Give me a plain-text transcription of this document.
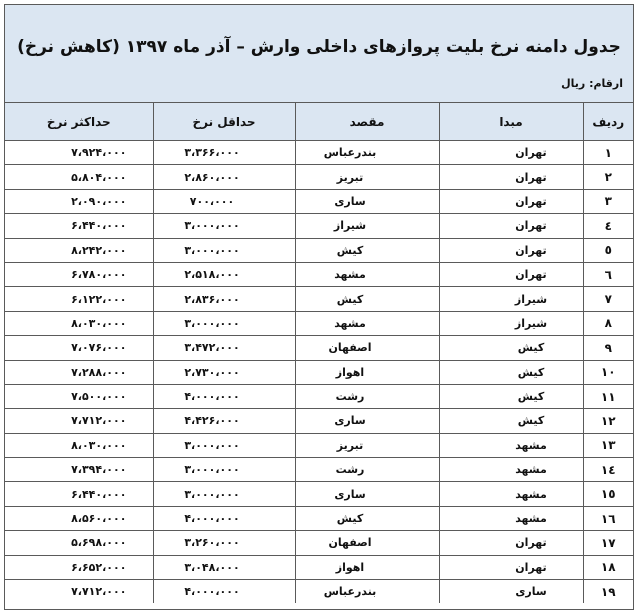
جدول دامنه نرخ بلیت پروازهای داخلی وارش – آذر ماه ۱۳۹۷ (کاهش نرخ)
ارقام: ریال
ردیف	مبدا	مقصد	حداقل نرخ	حداکثر نرخ
۱	تهران	بندرعباس	۳،۳۶۶،۰۰۰	۷،۹۲۴،۰۰۰
۲	تهران	تبریز	۲،۸۶۰،۰۰۰	۵،۸۰۴،۰۰۰
۳	تهران	ساری	۷۰۰،۰۰۰	۲،۰۹۰،۰۰۰
٤	تهران	شیراز	۳،۰۰۰،۰۰۰	۶،۴۴۰،۰۰۰
٥	تهران	کیش	۳،۰۰۰،۰۰۰	۸،۲۴۲،۰۰۰
٦	تهران	مشهد	۲،۵۱۸،۰۰۰	۶،۷۸۰،۰۰۰
۷	شیراز	کیش	۲،۸۳۶،۰۰۰	۶،۱۲۲،۰۰۰
۸	شیراز	مشهد	۳،۰۰۰،۰۰۰	۸،۰۳۰،۰۰۰
۹	کیش	اصفهان	۳،۴۷۲،۰۰۰	۷،۰۷۶،۰۰۰
۱۰	کیش	اهواز	۲،۷۳۰،۰۰۰	۷،۲۸۸،۰۰۰
۱۱	کیش	رشت	۴،۰۰۰،۰۰۰	۷،۵۰۰،۰۰۰
۱۲	کیش	ساری	۴،۴۲۶،۰۰۰	۷،۷۱۲،۰۰۰
۱۳	مشهد	تبریز	۳،۰۰۰،۰۰۰	۸،۰۳۰،۰۰۰
۱٤	مشهد	رشت	۳،۰۰۰،۰۰۰	۷،۳۹۴،۰۰۰
۱٥	مشهد	ساری	۳،۰۰۰،۰۰۰	۶،۴۴۰،۰۰۰
۱٦	مشهد	کیش	۴،۰۰۰،۰۰۰	۸،۵۶۰،۰۰۰
۱۷	تهران	اصفهان	۳،۲۶۰،۰۰۰	۵،۶۹۸،۰۰۰
۱۸	تهران	اهواز	۳،۰۴۸،۰۰۰	۶،۶۵۲،۰۰۰
۱۹	ساری	بندرعباس	۴،۰۰۰،۰۰۰	۷،۷۱۲،۰۰۰
